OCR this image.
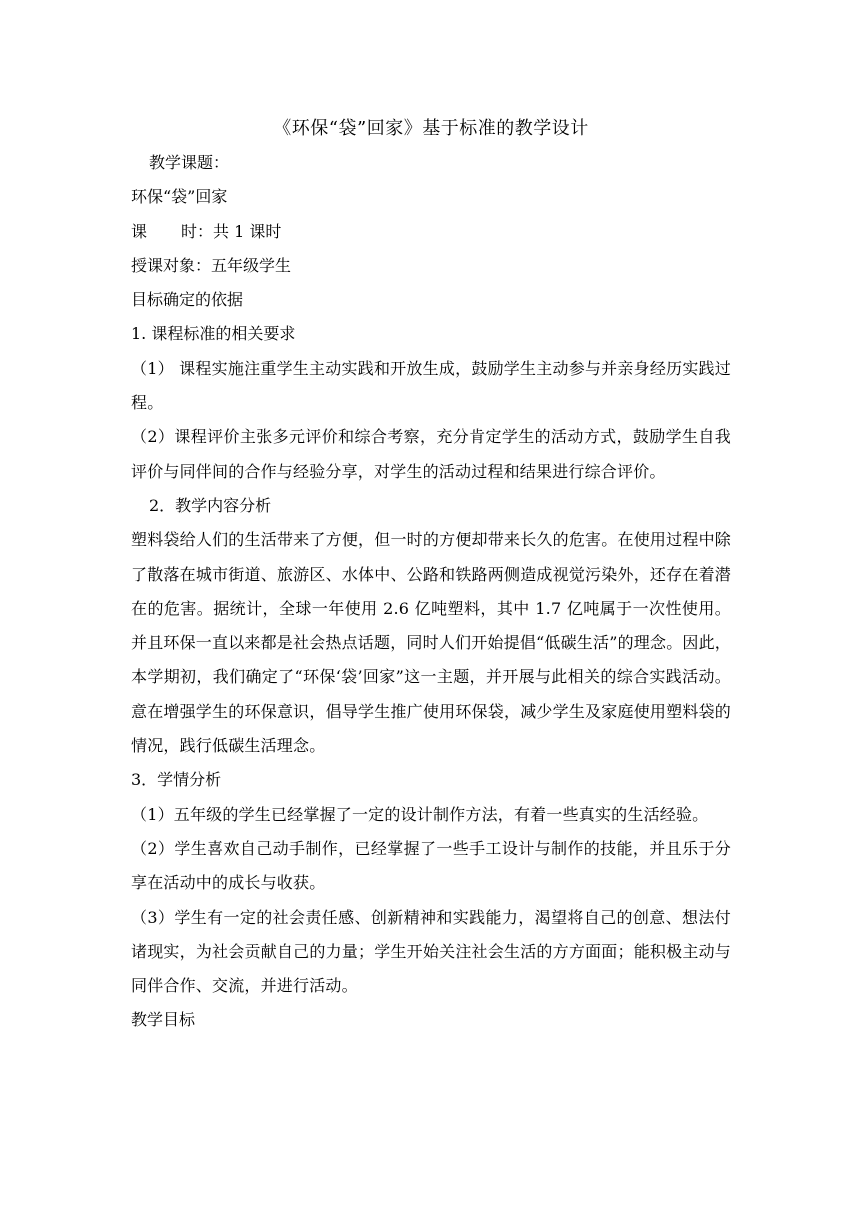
《环保“袋”回家》基于标准的教学设计

教学课题：

环保“袋”回家

课 时：共 1 课时

授课对象：五年级学生

目标确定的依据

1. 课程标准的相关要求

（1） 课程实施注重学生主动实践和开放生成，鼓励学生主动参与并亲身经历实践过程。

（2）课程评价主张多元评价和综合考察，充分肯定学生的活动方式，鼓励学生自我评价与同伴间的合作与经验分享，对学生的活动过程和结果进行综合评价。

2．教学内容分析

塑料袋给人们的生活带来了方便，但一时的方便却带来长久的危害。在使用过程中除了散落在城市街道、旅游区、水体中、公路和铁路两侧造成视觉污染外，还存在着潜在的危害。据统计，全球一年使用 2.6 亿吨塑料，其中 1.7 亿吨属于一次性使用。并且环保一直以来都是社会热点话题，同时人们开始提倡“低碳生活”的理念。因此，本学期初，我们确定了“环保‘袋’回家”这一主题，并开展与此相关的综合实践活动。意在增强学生的环保意识，倡导学生推广使用环保袋，减少学生及家庭使用塑料袋的情况，践行低碳生活理念。

3．学情分析

（1）五年级的学生已经掌握了一定的设计制作方法，有着一些真实的生活经验。

（2）学生喜欢自己动手制作，已经掌握了一些手工设计与制作的技能，并且乐于分享在活动中的成长与收获。

（3）学生有一定的社会责任感、创新精神和实践能力，渴望将自己的创意、想法付诸现实，为社会贡献自己的力量；学生开始关注社会生活的方方面面；能积极主动与同伴合作、交流，并进行活动。

教学目标
